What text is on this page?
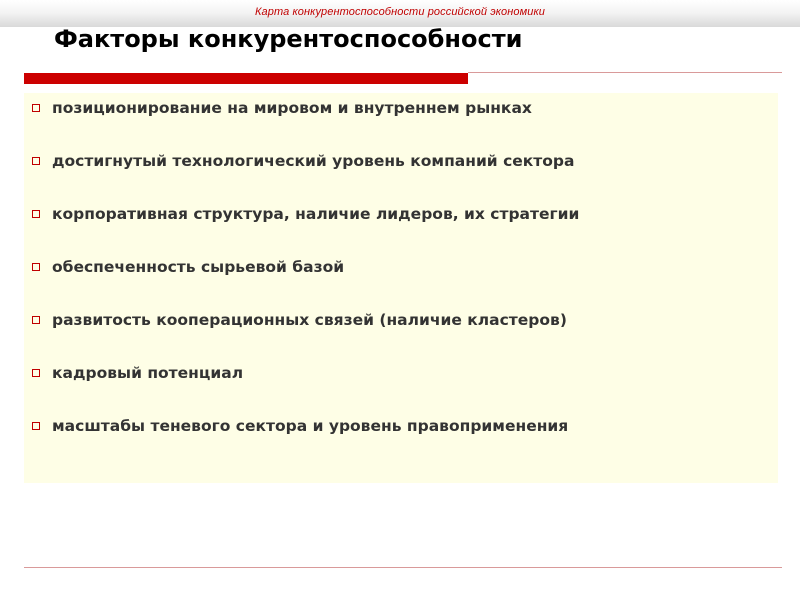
Карта конкурентоспособности российской экономики
Факторы конкурентоспособности
позиционирование на мировом и внутреннем рынках
достигнутый технологический уровень компаний сектора
корпоративная структура, наличие лидеров, их стратегии
обеспеченность сырьевой базой
развитость кооперационных связей (наличие кластеров)
кадровый потенциал
масштабы теневого сектора и уровень правоприменения
